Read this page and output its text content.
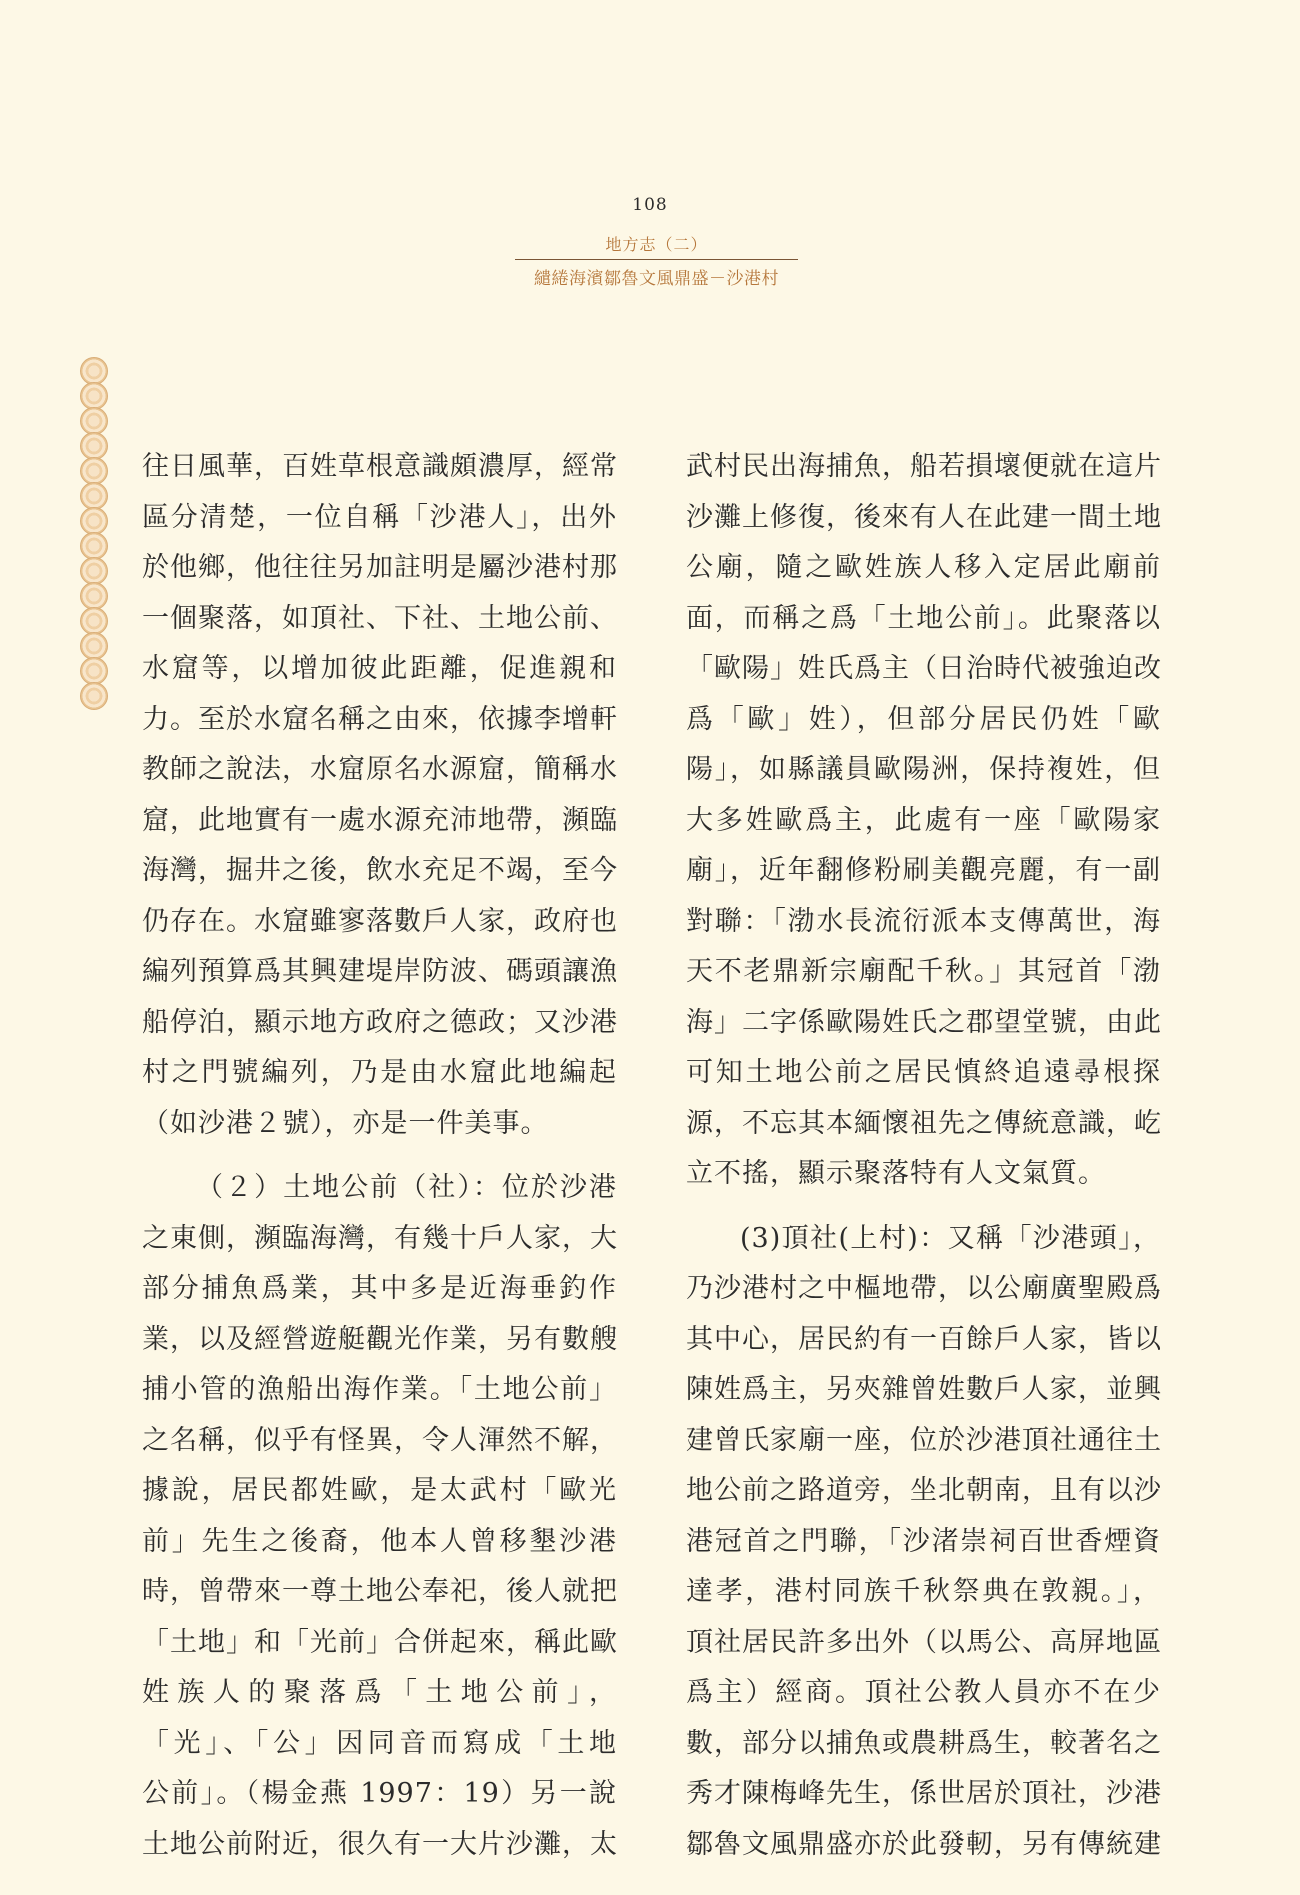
108
地方志（二）
繾綣海濱鄒魯文風鼎盛－沙港村

往日風華，百姓草根意識頗濃厚，經常
區分清楚，一位自稱「沙港人」，出外
於他鄉，他往往另加註明是屬沙港村那
一個聚落，如頂社、下社、土地公前、
水窟等，以增加彼此距離，促進親和
力。至於水窟名稱之由來，依據李增軒
教師之說法，水窟原名水源窟，簡稱水
窟，此地實有一處水源充沛地帶，瀕臨
海灣，掘井之後，飲水充足不竭，至今
仍存在。水窟雖寥落數戶人家，政府也
編列預算爲其興建堤岸防波、碼頭讓漁
船停泊，顯示地方政府之德政；又沙港
村之門號編列，乃是由水窟此地編起
（如沙港２號），亦是一件美事。

（２）土地公前（社）：位於沙港
之東側，瀕臨海灣，有幾十戶人家，大
部分捕魚爲業，其中多是近海垂釣作
業，以及經營遊艇觀光作業，另有數艘
捕小管的漁船出海作業。「土地公前」
之名稱，似乎有怪異，令人渾然不解，
據說，居民都姓歐，是太武村「歐光
前」先生之後裔，他本人曾移墾沙港
時，曾帶來一尊土地公奉祀，後人就把
「土地」和「光前」合併起來，稱此歐
姓族人的聚落爲「土地公前」，
「光」、「公」因同音而寫成「土地
公前」。（楊金燕 1997：19）另一說
土地公前附近，很久有一大片沙灘，太

武村民出海捕魚，船若損壞便就在這片
沙灘上修復，後來有人在此建一間土地
公廟，隨之歐姓族人移入定居此廟前
面，而稱之爲「土地公前」。此聚落以
「歐陽」姓氏爲主（日治時代被強迫改
爲「歐」姓），但部分居民仍姓「歐
陽」，如縣議員歐陽洲，保持複姓，但
大多姓歐爲主，此處有一座「歐陽家
廟」，近年翻修粉刷美觀亮麗，有一副
對聯：「渤水長流衍派本支傳萬世，海
天不老鼎新宗廟配千秋。」其冠首「渤
海」二字係歐陽姓氏之郡望堂號，由此
可知土地公前之居民慎終追遠尋根探
源，不忘其本緬懷祖先之傳統意識，屹
立不搖，顯示聚落特有人文氣質。

(3)頂社(上村)：又稱「沙港頭」，
乃沙港村之中樞地帶，以公廟廣聖殿爲
其中心，居民約有一百餘戶人家，皆以
陳姓爲主，另夾雜曾姓數戶人家，並興
建曾氏家廟一座，位於沙港頂社通往土
地公前之路道旁，坐北朝南，且有以沙
港冠首之門聯，「沙渚崇祠百世香煙資
達孝，港村同族千秋祭典在敦親。」，
頂社居民許多出外（以馬公、高屏地區
爲主）經商。頂社公教人員亦不在少
數，部分以捕魚或農耕爲生，較著名之
秀才陳梅峰先生，係世居於頂社，沙港
鄒魯文風鼎盛亦於此發軔，另有傳統建
